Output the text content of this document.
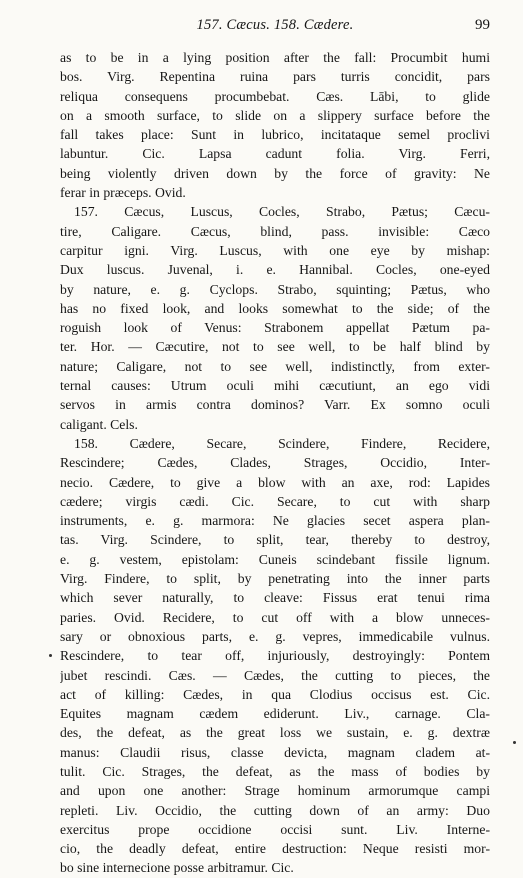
157. Cæcus. 158. Cædere.	99
as to be in a lying position after the fall: Procumbit humi
bos. Virg. Repentina ruina pars turris concidit, pars
reliqua consequens procumbebat. Cæs. Lābi, to glide
on a smooth surface, to slide on a slippery surface before the
fall takes place: Sunt in lubrico, incitataque semel proclivi
labuntur. Cic. Lapsa cadunt folia. Virg. Ferri,
being violently driven down by the force of gravity: Ne
ferar in præceps. Ovid.
157. Cæcus, Luscus, Cocles, Strabo, Pætus; Cæcu-
tire, Caligare. Cæcus, blind, pass. invisible: Cæco
carpitur igni. Virg. Luscus, with one eye by mishap:
Dux luscus. Juvenal, i. e. Hannibal. Cocles, one-eyed
by nature, e. g. Cyclops. Strabo, squinting; Pætus, who
has no fixed look, and looks somewhat to the side; of the
roguish look of Venus: Strabonem appellat Pætum pa-
ter. Hor. — Cæcutire, not to see well, to be half blind by
nature; Caligare, not to see well, indistinctly, from exter-
ternal causes: Utrum oculi mihi cæcutiunt, an ego vidi
servos in armis contra dominos? Varr. Ex somno oculi
caligant. Cels.
158. Cædere, Secare, Scindere, Findere, Recidere,
Rescindere; Cædes, Clades, Strages, Occidio, Inter-
necio. Cædere, to give a blow with an axe, rod: Lapides
cædere; virgis cædi. Cic. Secare, to cut with sharp
instruments, e. g. marmora: Ne glacies secet aspera plan-
tas. Virg. Scindere, to split, tear, thereby to destroy,
e. g. vestem, epistolam: Cuneis scindebant fissile lignum.
Virg. Findere, to split, by penetrating into the inner parts
which sever naturally, to cleave: Fissus erat tenui rima
paries. Ovid. Recidere, to cut off with a blow unneces-
sary or obnoxious parts, e. g. vepres, immedicabile vulnus.
Rescindere, to tear off, injuriously, destroyingly: Pontem
jubet rescindi. Cæs. — Cædes, the cutting to pieces, the
act of killing: Cædes, in qua Clodius occisus est. Cic.
Equites magnam cædem ediderunt. Liv., carnage. Cla-
des, the defeat, as the great loss we sustain, e. g. dextræ
manus: Claudii risus, classe devicta, magnam cladem at-
tulit. Cic. Strages, the defeat, as the mass of bodies by
and upon one another: Strage hominum armorumque campi
repleti. Liv. Occidio, the cutting down of an army: Duo
exercitus prope occidione occisi sunt. Liv. Interne-
cio, the deadly defeat, entire destruction: Neque resisti mor-
bo sine internecione posse arbitramur. Cic.
